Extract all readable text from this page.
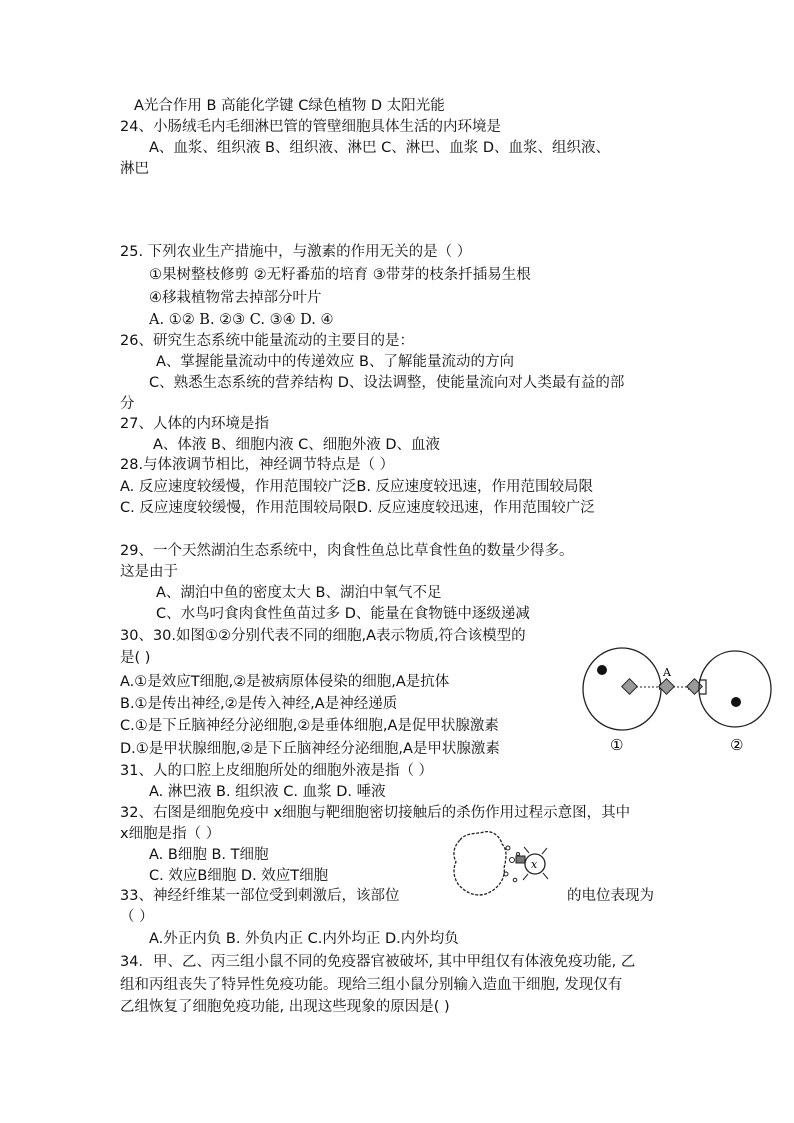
A光合作用 B 高能化学键 C绿色植物 D 太阳光能
24、小肠绒毛内毛细淋巴管的管壁细胞具体生活的内环境是
A、血浆、组织液 B、组织液、淋巴 C、淋巴、血浆 D、血浆、组织液、
淋巴
25. 下列农业生产措施中，与激素的作用无关的是（ ）
①果树整枝修剪 ②无籽番茄的培育 ③带芽的枝条扦插易生根
④移栽植物常去掉部分叶片
A. ①② B. ②③ C. ③④ D. ④
26、研究生态系统中能量流动的主要目的是：
A、掌握能量流动中的传递效应 B、了解能量流动的方向
C、熟悉生态系统的营养结构 D、设法调整，使能量流向对人类最有益的部
分
27、人体的内环境是指
A、体液 B、细胞内液 C、细胞外液 D、血液
28.与体液调节相比，神经调节特点是（ ）
A. 反应速度较缓慢，作用范围较广泛B. 反应速度较迅速，作用范围较局限
C. 反应速度较缓慢，作用范围较局限D. 反应速度较迅速，作用范围较广泛
29、一个天然湖泊生态系统中，肉食性鱼总比草食性鱼的数量少得多。
这是由于
A、湖泊中鱼的密度太大 B、湖泊中氧气不足
C、水鸟叼食肉食性鱼苗过多 D、能量在食物链中逐级递减
30、30.如图①②分别代表不同的细胞,A表示物质,符合该模型的
是( )
A.①是效应T细胞,②是被病原体侵染的细胞,A是抗体
B.①是传出神经,②是传入神经,A是神经递质
C.①是下丘脑神经分泌细胞,②是垂体细胞,A是促甲状腺激素
D.①是甲状腺细胞,②是下丘脑神经分泌细胞,A是甲状腺激素
31、人的口腔上皮细胞所处的细胞外液是指（ ）
A. 淋巴液 B. 组织液 C. 血浆 D. 唾液
32、右图是细胞免疫中 x细胞与靶细胞密切接触后的杀伤作用过程示意图，其中
x细胞是指（ ）
A. B细胞 B. T细胞
C. 效应B细胞 D. 效应T细胞
33、神经纤维某一部位受到刺激后，该部位	的电位表现为
（ ）
A.外正内负 B. 外负内正 C.内外均正 D.内外均负
34．甲、乙、丙三组小鼠不同的免疫器官被破坏, 其中甲组仅有体液免疫功能, 乙
组和丙组丧失了特异性免疫功能。现给三组小鼠分别输入造血干细胞, 发现仅有
乙组恢复了细胞免疫功能, 出现这些现象的原因是( )
A
①	②
x
